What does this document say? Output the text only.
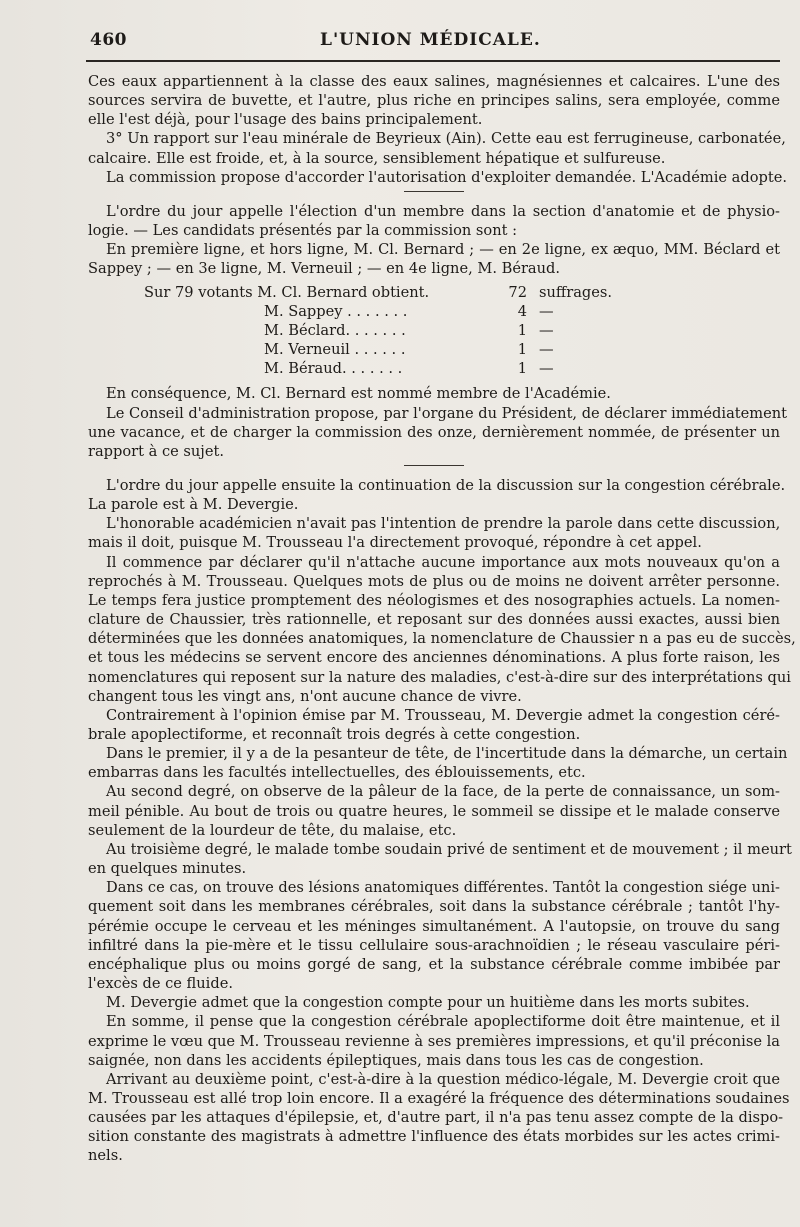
460	L'UNION MÉDICALE.

Ces eaux appartiennent à la classe des eaux salines, magnésiennes et calcaires. L'une des
sources servira de buvette, et l'autre, plus riche en principes salins, sera employée, comme
elle l'est déjà, pour l'usage des bains principalement.

3° Un rapport sur l'eau minérale de Beyrieux (Ain). Cette eau est ferrugineuse, carbonatée,
calcaire. Elle est froide, et, à la source, sensiblement hépatique et sulfureuse.

La commission propose d'accorder l'autorisation d'exploiter demandée. L'Académie adopte.

L'ordre du jour appelle l'élection d'un membre dans la section d'anatomie et de physio-
logie. — Les candidats présentés par la commission sont :

En première ligne, et hors ligne, M. Cl. Bernard ; — en 2e ligne, ex æquo, MM. Béclard et
Sappey ; — en 3e ligne, M. Verneuil ; — en 4e ligne, M. Béraud.

Sur 79 votants M. Cl. Bernard obtient.	72	suffrages.
M. Sappey . . . . . . .	4	—
M. Béclard. . . . . . .	1	—
M. Verneuil . . . . . .	1	—
M. Béraud. . . . . . .	1	—

En conséquence, M. Cl. Bernard est nommé membre de l'Académie.

Le Conseil d'administration propose, par l'organe du Président, de déclarer immédiatement
une vacance, et de charger la commission des onze, dernièrement nommée, de présenter un
rapport à ce sujet.

L'ordre du jour appelle ensuite la continuation de la discussion sur la congestion cérébrale.
La parole est à M. Devergie.

L'honorable académicien n'avait pas l'intention de prendre la parole dans cette discussion,
mais il doit, puisque M. Trousseau l'a directement provoqué, répondre à cet appel.

Il commence par déclarer qu'il n'attache aucune importance aux mots nouveaux qu'on a
reprochés à M. Trousseau. Quelques mots de plus ou de moins ne doivent arrêter personne.
Le temps fera justice promptement des néologismes et des nosographies actuels. La nomen-
clature de Chaussier, très rationnelle, et reposant sur des données aussi exactes, aussi bien
déterminées que les données anatomiques, la nomenclature de Chaussier n a pas eu de succès,
et tous les médecins se servent encore des anciennes dénominations. A plus forte raison, les
nomenclatures qui reposent sur la nature des maladies, c'est-à-dire sur des interprétations qui
changent tous les vingt ans, n'ont aucune chance de vivre.

Contrairement à l'opinion émise par M. Trousseau, M. Devergie admet la congestion céré-
brale apoplectiforme, et reconnaît trois degrés à cette congestion.

Dans le premier, il y a de la pesanteur de tête, de l'incertitude dans la démarche, un certain
embarras dans les facultés intellectuelles, des éblouissements, etc.

Au second degré, on observe de la pâleur de la face, de la perte de connaissance, un som-
meil pénible. Au bout de trois ou quatre heures, le sommeil se dissipe et le malade conserve
seulement de la lourdeur de tête, du malaise, etc.

Au troisième degré, le malade tombe soudain privé de sentiment et de mouvement ; il meurt
en quelques minutes.

Dans ce cas, on trouve des lésions anatomiques différentes. Tantôt la congestion siége uni-
quement soit dans les membranes cérébrales, soit dans la substance cérébrale ; tantôt l'hy-
pérémie occupe le cerveau et les méninges simultanément. A l'autopsie, on trouve du sang
infiltré dans la pie-mère et le tissu cellulaire sous-arachnoïdien ; le réseau vasculaire péri-
encéphalique plus ou moins gorgé de sang, et la substance cérébrale comme imbibée par
l'excès de ce fluide.

M. Devergie admet que la congestion compte pour un huitième dans les morts subites.

En somme, il pense que la congestion cérébrale apoplectiforme doit être maintenue, et il
exprime le vœu que M. Trousseau revienne à ses premières impressions, et qu'il préconise la
saignée, non dans les accidents épileptiques, mais dans tous les cas de congestion.

Arrivant au deuxième point, c'est-à-dire à la question médico-légale, M. Devergie croit que
M. Trousseau est allé trop loin encore. Il a exagéré la fréquence des déterminations soudaines
causées par les attaques d'épilepsie, et, d'autre part, il n'a pas tenu assez compte de la dispo-
sition constante des magistrats à admettre l'influence des états morbides sur les actes crimi-
nels.
